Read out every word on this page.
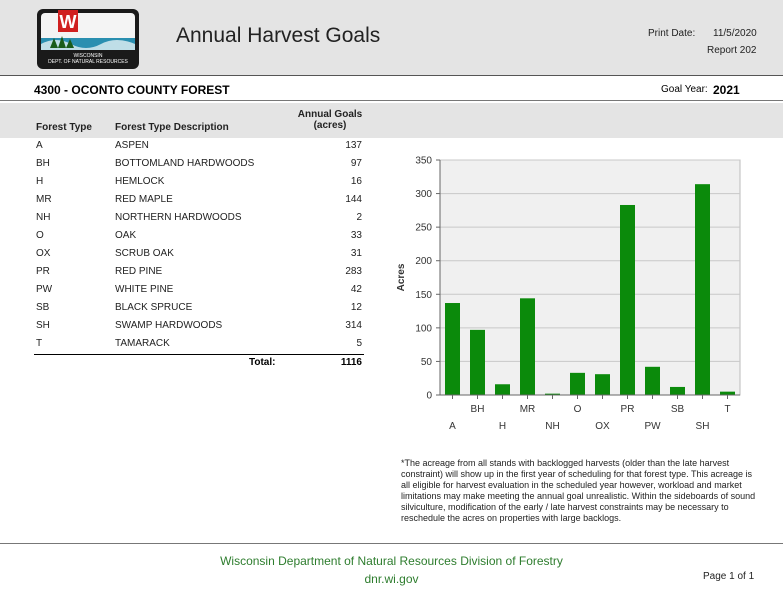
W
WISCONSIN
DEPT. OF NATURAL RESOURCES
Annual Harvest Goals	Print Date: 11/5/2020
Report 202
4300 - OCONTO COUNTY FOREST	Goal Year: 2021
Forest Type Forest Type Description
Annual Goals
(acres)
A	ASPEN	137
BH	BOTTOMLAND HARDWOODS	97
H	HEMLOCK	16
MR	RED MAPLE	144
NH	NORTHERN HARDWOODS	2
O	OAK	33
OX	SCRUB OAK	31
PR	RED PINE	283
PW	WHITE PINE	42
SB	BLACK SPRUCE	12
SH	SWAMP HARDWOODS	314
T	TAMARACK	5
Total:	1116
0
50
100
150
200
250
300
350
A
BH
H
MR
NH
O
OX
PR
PW
SB
SH
T
Acres
*The acreage from all stands with backlogged harvests (older than the late harvest constraint) will show up in the first year of scheduling for that forest type. This acreage is all eligible for harvest evaluation in the scheduled year however, workload and market limitations may make meeting the annual goal unrealistic. Within the sideboards of sound silviculture, modification of the early / late harvest constraints may be necessary to reschedule the acres on properties with large backlogs.
Wisconsin Department of Natural Resources Division of Forestry
dnr.wi.gov	Page 1 of 1
